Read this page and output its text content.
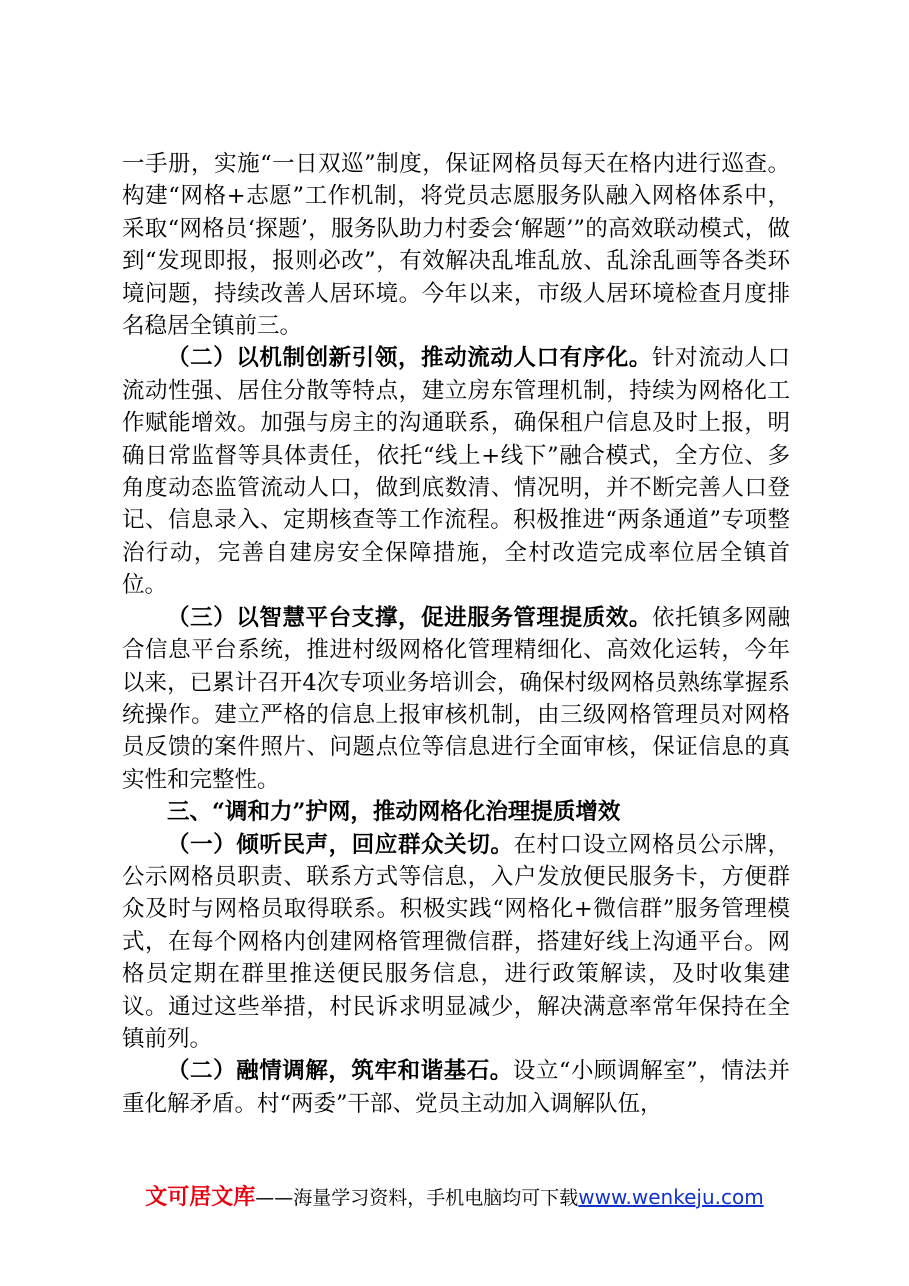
一手册，实施“一日双巡”制度，保证网格员每天在格内进行巡查。构建“网格+志愿”工作机制，将党员志愿服务队融入网格体系中，采取“网格员‘探题’，服务队助力村委会‘解题’”的高效联动模式，做到“发现即报，报则必改”，有效解决乱堆乱放、乱涂乱画等各类环境问题，持续改善人居环境。今年以来，市级人居环境检查月度排名稳居全镇前三。

（二）以机制创新引领，推动流动人口有序化。针对流动人口流动性强、居住分散等特点，建立房东管理机制，持续为网格化工作赋能增效。加强与房主的沟通联系，确保租户信息及时上报，明确日常监督等具体责任，依托“线上+线下”融合模式，全方位、多角度动态监管流动人口，做到底数清、情况明，并不断完善人口登记、信息录入、定期核查等工作流程。积极推进“两条通道”专项整治行动，完善自建房安全保障措施，全村改造完成率位居全镇首位。

（三）以智慧平台支撑，促进服务管理提质效。依托镇多网融合信息平台系统，推进村级网格化管理精细化、高效化运转，今年以来，已累计召开4次专项业务培训会，确保村级网格员熟练掌握系统操作。建立严格的信息上报审核机制，由三级网格管理员对网格员反馈的案件照片、问题点位等信息进行全面审核，保证信息的真实性和完整性。

三、“调和力”护网，推动网格化治理提质增效

（一）倾听民声，回应群众关切。在村口设立网格员公示牌，公示网格员职责、联系方式等信息，入户发放便民服务卡，方便群众及时与网格员取得联系。积极实践“网格化+微信群”服务管理模式，在每个网格内创建网格管理微信群，搭建好线上沟通平台。网格员定期在群里推送便民服务信息，进行政策解读，及时收集建议。通过这些举措，村民诉求明显减少，解决满意率常年保持在全镇前列。

（二）融情调解，筑牢和谐基石。设立“小顾调解室”，情法并重化解矛盾。村“两委”干部、党员主动加入调解队伍，

文可居文库——海量学习资料，手机电脑均可下载www.wenkeju.com
